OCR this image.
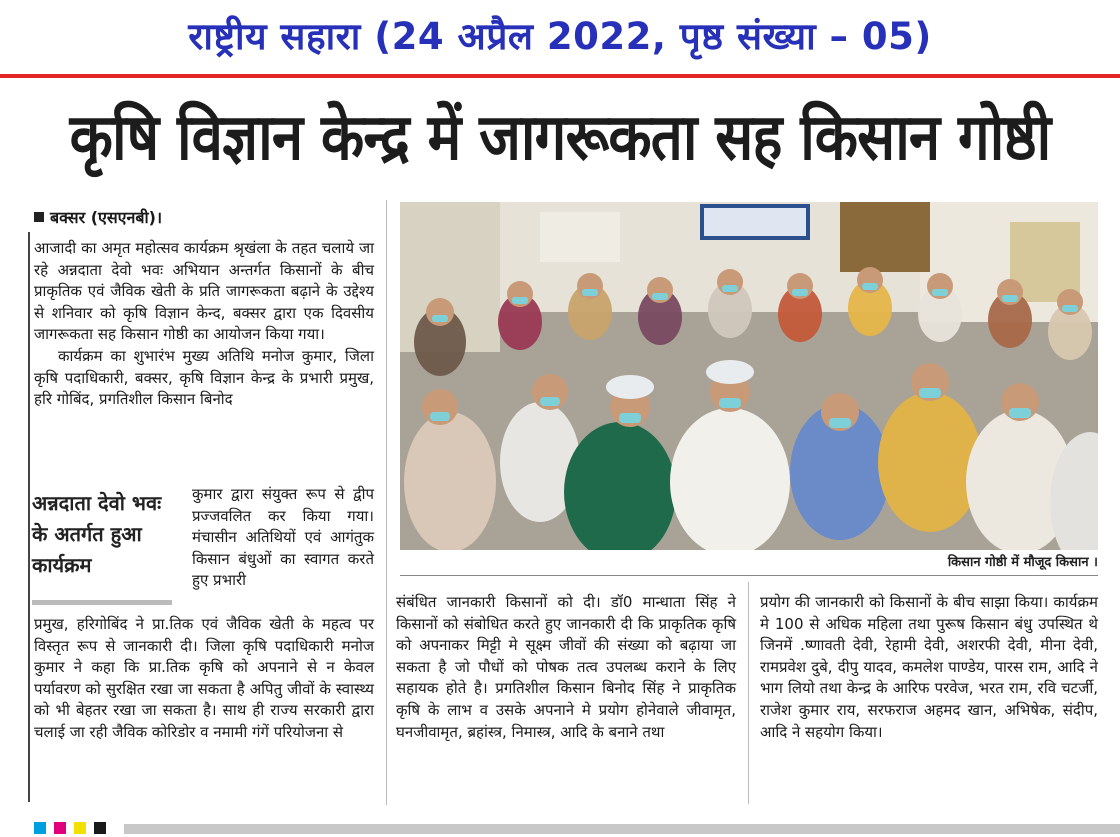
राष्ट्रीय सहारा (24 अप्रैल 2022, पृष्ठ संख्या – 05)
कृषि विज्ञान केन्द्र में जागरूकता सह किसान गोष्ठी
बक्सर (एसएनबी)।

आजादी का अमृत महोत्सव कार्यक्रम श्रृखंला के तहत चलाये जा रहे अन्नदाता देवो भवः अभियान अन्तर्गत किसानों के बीच प्राकृतिक एवं जैविक खेती के प्रति जागरूकता बढ़ाने के उद्देश्य से शनिवार को कृषि विज्ञान केन्द, बक्सर द्वारा एक दिवसीय जागरूकता सह किसान गोष्ठी का आयोजन किया गया।

कार्यक्रम का शुभारंभ मुख्य अतिथि मनोज कुमार, जिला कृषि पदाधिकारी, बक्सर, कृषि विज्ञान केन्द्र के प्रभारी प्रमुख, हरि गोबिंद, प्रगतिशील किसान बिनोद

अन्नदाता देवो भवः के अतर्गत हुआ कार्यक्रम
कुमार द्वारा संयुक्त रूप से द्वीप प्रज्जवलित कर किया गया। मंचासीन अतिथियों एवं आगंतुक किसान बंधुओं का स्वागत करते हुए प्रभारी
प्रमुख, हरिगोबिंद ने प्रा.तिक एवं जैविक खेती के महत्व पर विस्तृत रूप से जानकारी दी। जिला कृषि पदाधिकारी मनोज कुमार ने कहा कि प्रा.तिक कृषि को अपनाने से न केवल पर्यावरण को सुरक्षित रखा जा सकता है अपितु जीवों के स्वास्थ्य को भी बेहतर रखा जा सकता है। साथ ही राज्य सरकारी द्वारा चलाई जा रही जैविक कोरिडोर व नमामी गंगें परियोजना से
किसान गोष्ठी में मौजूद किसान ।
संबंधित जानकारी किसानों को दी। डॉ0 मान्धाता सिंह ने किसानों को संबोधित करते हुए जानकारी दी कि प्राकृतिक कृषि को अपनाकर मिट्टी मे सूक्ष्म जीवों की संख्या को बढ़ाया जा सकता है जो पौधों को पोषक तत्व उपलब्ध कराने के लिए सहायक होते है। प्रगतिशील किसान बिनोद सिंह ने प्राकृतिक कृषि के लाभ व उसके अपनाने मे प्रयोग होनेवाले जीवामृत, घनजीवामृत, ब्रहांस्त्र, निमास्त्र, आदि के बनाने तथा
प्रयोग की जानकारी को किसानों के बीच साझा किया। कार्यक्रम मे 100 से अधिक महिला तथा पुरूष किसान बंधु उपस्थित थे जिनमें .ष्णावती देवी, रेहामी देवी, अशरफी देवी, मीना देवी, रामप्रवेश दुबे, दीपु यादव, कमलेश पाण्डेय, पारस राम, आदि ने भाग लियो तथा केन्द्र के आरिफ परवेज, भरत राम, रवि चटर्जी, राजेश कुमार राय, सरफराज अहमद खान, अभिषेक, संदीप, आदि ने सहयोग किया।
